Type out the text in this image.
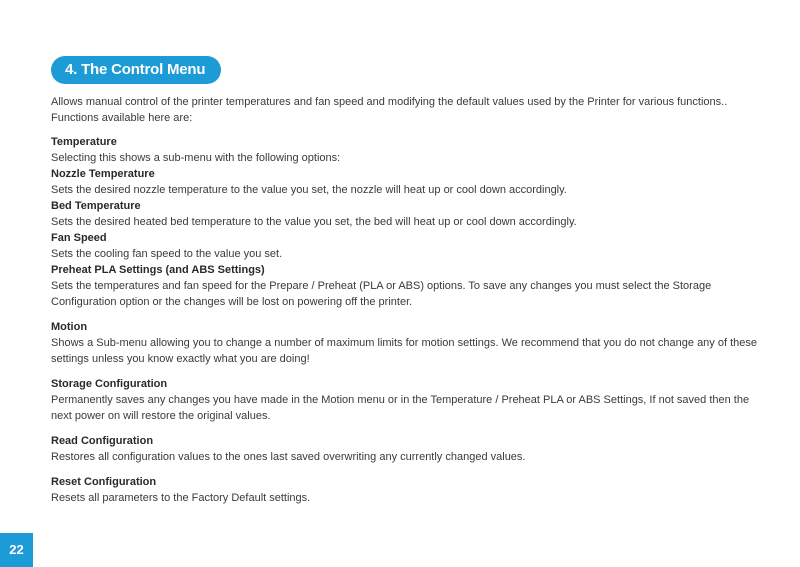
4. The Control Menu

Allows manual control of the printer temperatures and fan speed and modifying the default values used by the Printer for various functions..

Functions available here are:

Temperature

Selecting this shows a sub-menu with the following options:

Nozzle Temperature

Sets the desired nozzle temperature to the value you set, the nozzle will heat up or cool down accordingly.

Bed Temperature

Sets the desired heated bed temperature to the value you set, the bed will heat up or cool down accordingly.

Fan Speed

Sets the cooling fan speed to the value you set.

Preheat PLA Settings (and ABS Settings)

Sets the temperatures and fan speed for the Prepare / Preheat (PLA or ABS) options. To save any changes you must select the Storage Configuration option or the changes will be lost on powering off the printer.

Motion

Shows a Sub-menu allowing you to change a number of maximum limits for motion settings. We recommend that you do not change any of these settings unless you know exactly what you are doing!

Storage Configuration

Permanently saves any changes you have made in the Motion menu or in the Temperature / Preheat PLA or ABS Settings, If not saved then the next power on will restore the original values.

Read Configuration

Restores all configuration values to the ones last saved overwriting any currently changed values.

Reset Configuration

Resets all parameters to the Factory Default settings.

22
